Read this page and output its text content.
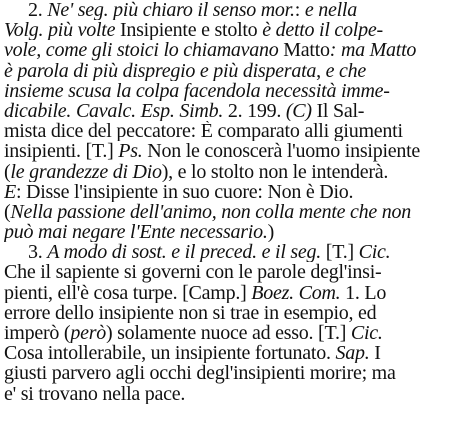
2. Ne' seg. più chiaro il senso mor.: e nella
Volg. più volte Insipiente e stolto è detto il colpe-
vole, come gli stoici lo chiamavano Matto: ma Matto
è parola di più dispregio e più disperata, e che
insieme scusa la colpa facendola necessità imme-
dicabile. Cavalc. Esp. Simb. 2. 199. (C) Il Sal-
mista dice del peccatore: È comparato alli giumenti
insipienti. [T.] Ps. Non le conoscerà l'uomo insipiente
(le grandezze di Dio), e lo stolto non le intenderà.
E: Disse l'insipiente in suo cuore: Non è Dio.
(Nella passione dell'animo, non colla mente che non
può mai negare l'Ente necessario.)
3. A modo di sost. e il preced. e il seg. [T.] Cic.
Che il sapiente si governi con le parole degl'insi-
pienti, ell'è cosa turpe. [Camp.] Boez. Com. 1. Lo
errore dello insipiente non si trae in esempio, ed
imperò (però) solamente nuoce ad esso. [T.] Cic.
Cosa intollerabile, un insipiente fortunato. Sap. I
giusti parvero agli occhi degl'insipienti morire; ma
e' si trovano nella pace.
